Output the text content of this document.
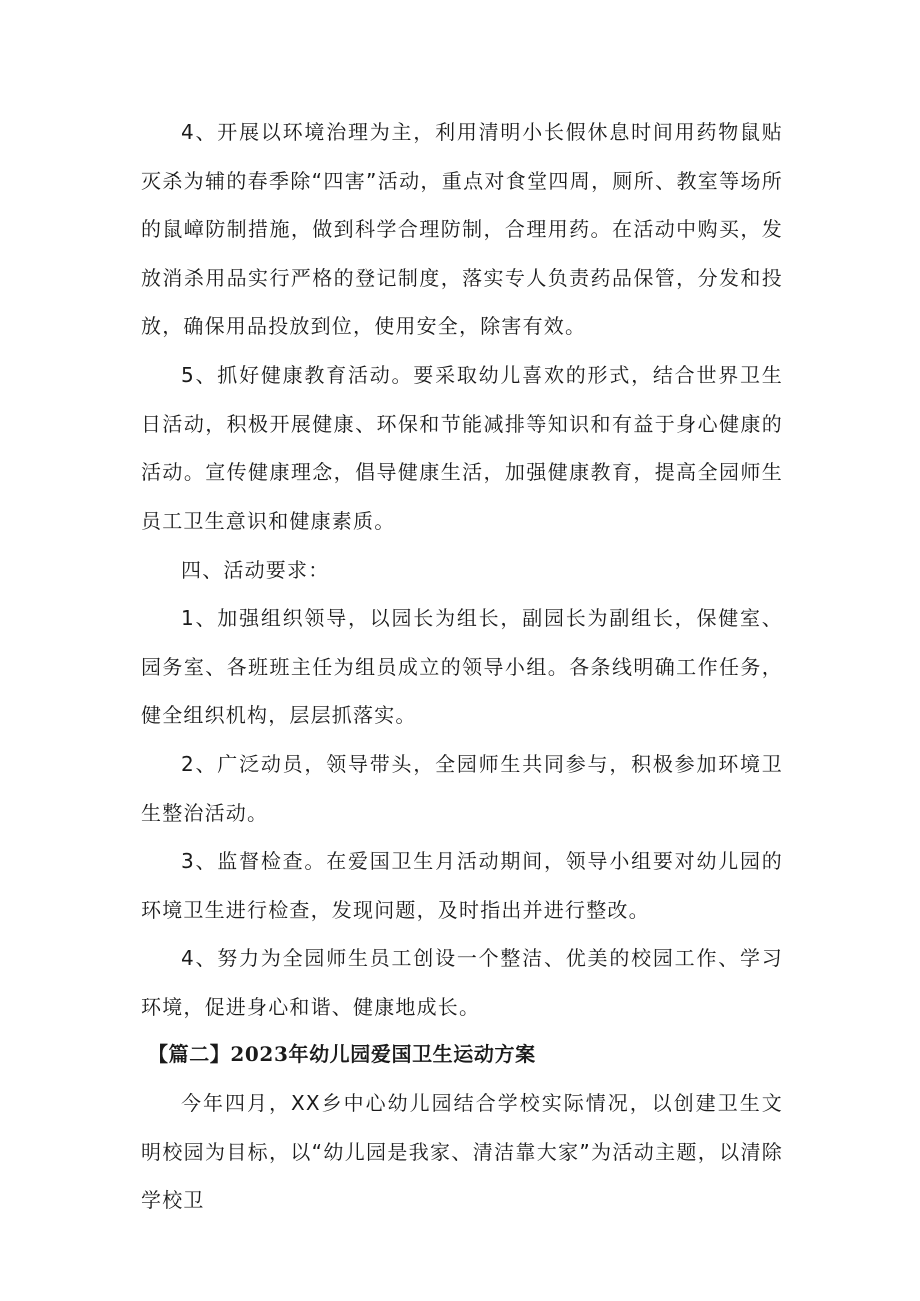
4、开展以环境治理为主，利用清明小长假休息时间用药物鼠贴灭杀为辅的春季除“四害”活动，重点对食堂四周，厕所、教室等场所的鼠嶂防制措施，做到科学合理防制，合理用药。在活动中购买，发放消杀用品实行严格的登记制度，落实专人负责药品保管，分发和投放，确保用品投放到位，使用安全，除害有效。

5、抓好健康教育活动。要采取幼儿喜欢的形式，结合世界卫生日活动，积极开展健康、环保和节能减排等知识和有益于身心健康的活动。宣传健康理念，倡导健康生活，加强健康教育，提高全园师生员工卫生意识和健康素质。

四、活动要求：

1、加强组织领导，以园长为组长，副园长为副组长，保健室、园务室、各班班主任为组员成立的领导小组。各条线明确工作任务，健全组织机构，层层抓落实。

2、广泛动员，领导带头，全园师生共同参与，积极参加环境卫生整治活动。

3、监督检查。在爱国卫生月活动期间，领导小组要对幼儿园的环境卫生进行检查，发现问题，及时指出并进行整改。

4、努力为全园师生员工创设一个整洁、优美的校园工作、学习环境，促进身心和谐、健康地成长。

【篇二】2023年幼儿园爱国卫生运动方案

今年四月，XX乡中心幼儿园结合学校实际情况，以创建卫生文明校园为目标，以“幼儿园是我家、清洁靠大家”为活动主题，以清除学校卫
